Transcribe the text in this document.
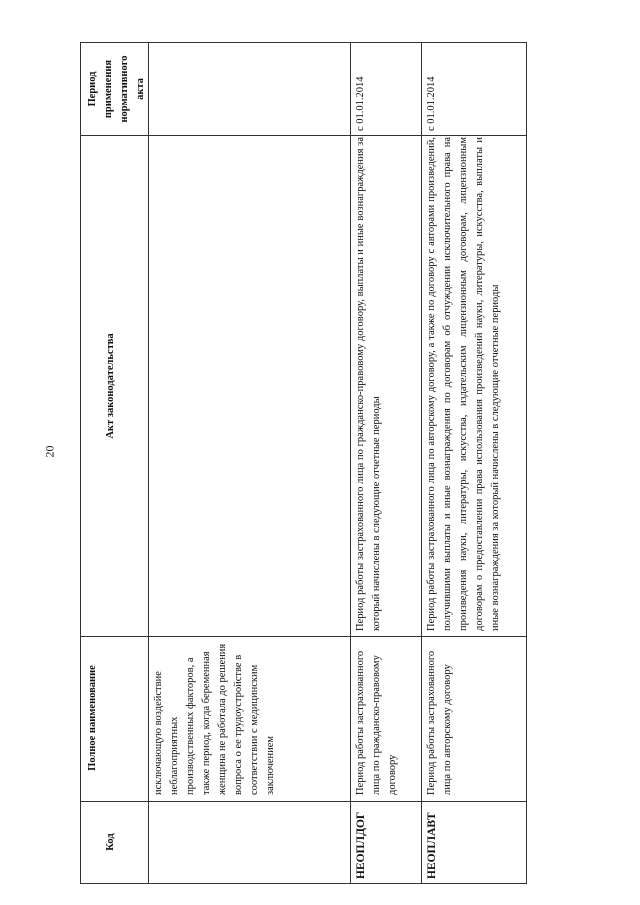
20
Период применения нормативного акта
Акт законодательства
Полное наименование
Код
исключающую воздействие неблагоприятных производственных факторов, а также период, когда беременная женщина не работала до решения вопроса о ее трудоустройстве в соответствии с медицинским заключением
с 01.01.2014
Период работы застрахованного лица по гражданско-правовому договору, выплаты и иные вознаграждения за который начислены в следующие отчетные периоды
Период работы застрахованного лица по гражданско-правовому договору
НЕОПЛДОГ
с 01.01.2014
Период работы застрахованного лица по авторскому договору, а также по договору с авторами произведений, получившими выплаты и иные вознаграждения по договорам об отчуждении исключительного права на произведения науки, литературы, искусства, издательским лицензионным договорам, лицензионным договорам о предоставлении права использования произведений науки, литературы, искусства, выплаты и иные вознаграждения за который начислены в следующие отчетные периоды
Период работы застрахованного лица по авторскому договору
НЕОПЛАВТ
